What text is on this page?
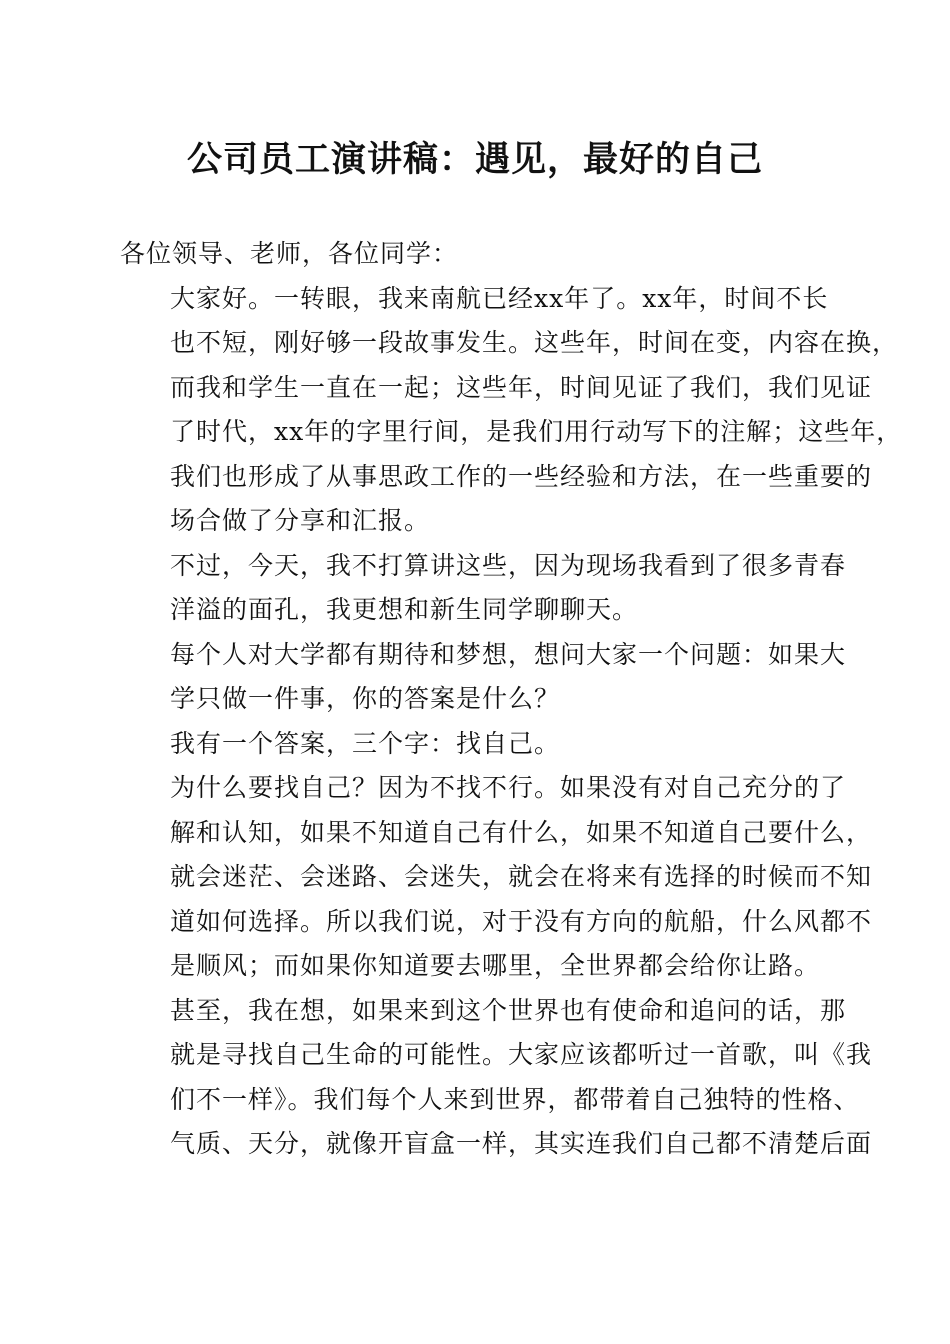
公司员工演讲稿：遇见，最好的自己

各位领导、老师，各位同学：

大家好。一转眼，我来南航已经xx年了。xx年，时间不长
也不短，刚好够一段故事发生。这些年，时间在变，内容在换，
而我和学生一直在一起；这些年，时间见证了我们，我们见证
了时代，xx年的字里行间，是我们用行动写下的注解；这些年，
我们也形成了从事思政工作的一些经验和方法，在一些重要的
场合做了分享和汇报。

不过，今天，我不打算讲这些，因为现场我看到了很多青春
洋溢的面孔，我更想和新生同学聊聊天。

每个人对大学都有期待和梦想，想问大家一个问题：如果大
学只做一件事，你的答案是什么？

我有一个答案，三个字：找自己。

为什么要找自己？因为不找不行。如果没有对自己充分的了
解和认知，如果不知道自己有什么，如果不知道自己要什么，
就会迷茫、会迷路、会迷失，就会在将来有选择的时候而不知
道如何选择。所以我们说，对于没有方向的航船，什么风都不
是顺风；而如果你知道要去哪里，全世界都会给你让路。

甚至，我在想，如果来到这个世界也有使命和追问的话，那
就是寻找自己生命的可能性。大家应该都听过一首歌，叫《我
们不一样》。我们每个人来到世界，都带着自己独特的性格、
气质、天分，就像开盲盒一样，其实连我们自己都不清楚后面
